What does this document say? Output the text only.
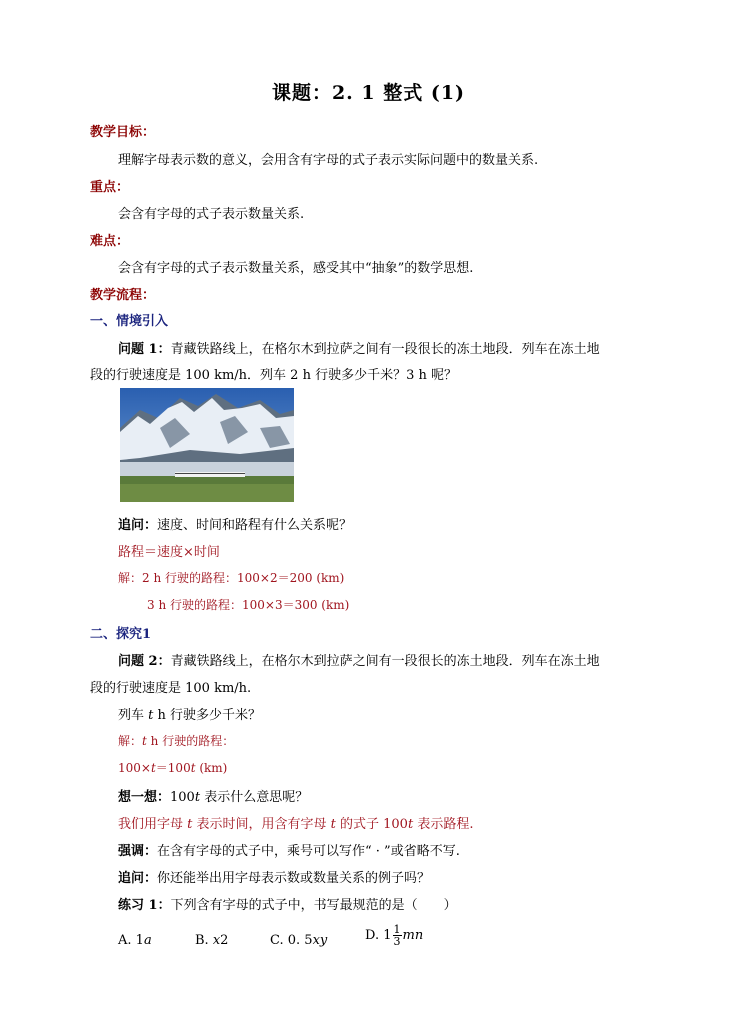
课题：2. 1 整式 (1)
教学目标：
理解字母表示数的意义，会用含有字母的式子表示实际问题中的数量关系.
重点：
会含有字母的式子表示数量关系.
难点：
会含有字母的式子表示数量关系，感受其中“抽象”的数学思想.
教学流程：
一、情境引入
问题 1：青藏铁路线上，在格尔木到拉萨之间有一段很长的冻土地段．列车在冻土地
段的行驶速度是 100 km/h．列车 2 h 行驶多少千米？3 h 呢？
追问：速度、时间和路程有什么关系呢？
路程＝速度×时间
解：2 h 行驶的路程：100×2＝200 (km)
3 h 行驶的路程：100×3＝300 (km)
二、探究1
问题 2：青藏铁路线上，在格尔木到拉萨之间有一段很长的冻土地段．列车在冻土地
段的行驶速度是 100 km/h.
列车 t h 行驶多少千米？
解：t h 行驶的路程：
100×t＝100t (km)
想一想：100t 表示什么意思呢？
我们用字母 t 表示时间，用含有字母 t 的式子 100t 表示路程.
强调：在含有字母的式子中，乘号可以写作“ · ”或省略不写.
追问：你还能举出用字母表示数或数量关系的例子吗？
练习 1：下列含有字母的式子中，书写最规范的是（　　）
A. 1a	B. x2	C. 0. 5xy	D. $1 \frac{1}{3}$ mn
